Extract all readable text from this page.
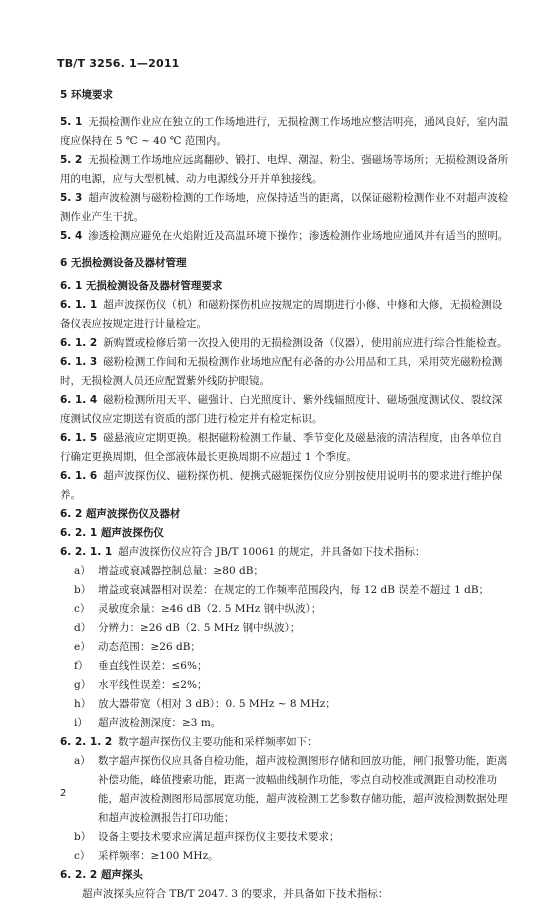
TB/T 3256. 1—2011
5 环境要求

5. 1 无损检测作业应在独立的工作场地进行，无损检测工作场地应整洁明亮，通风良好，室内温度应保持在 5 ℃ ~ 40 ℃ 范围内。

5. 2 无损检测工作场地应远离翻砂、锻打、电焊、潮湿、粉尘、强磁场等场所；无损检测设备所用的电源，应与大型机械、动力电源线分开并单独接线。

5. 3 超声波检测与磁粉检测的工作场地，应保持适当的距离，以保证磁粉检测作业不对超声波检测作业产生干扰。

5. 4 渗透检测应避免在火焰附近及高温环境下操作；渗透检测作业场地应通风并有适当的照明。

6 无损检测设备及器材管理
6. 1 无损检测设备及器材管理要求

6. 1. 1 超声波探伤仪（机）和磁粉探伤机应按规定的周期进行小修、中修和大修，无损检测设备仪表应按规定进行计量检定。

6. 1. 2 新购置或检修后第一次投入使用的无损检测设备（仪器），使用前应进行综合性能检查。

6. 1. 3 磁粉检测工作间和无损检测作业场地应配有必备的办公用品和工具，采用荧光磁粉检测时，无损检测人员还应配置紫外线防护眼镜。

6. 1. 4 磁粉检测所用天平、磁强计、白光照度计、紫外线辐照度计、磁场强度测试仪、裂纹深度测试仪应定期送有资质的部门进行检定并有检定标识。

6. 1. 5 磁悬液应定期更换。根据磁粉检测工作量、季节变化及磁悬液的清洁程度，由各单位自行确定更换周期，但全部液体最长更换周期不应超过 1 个季度。

6. 1. 6 超声波探伤仪、磁粉探伤机、便携式磁轭探伤仪应分别按使用说明书的要求进行维护保养。

6. 2 超声波探伤仪及器材
6. 2. 1 超声波探伤仪

6. 2. 1. 1 超声波探伤仪应符合 JB/T 10061 的规定，并具备如下技术指标：

a） 增益或衰减器控制总量：≥80 dB；
b） 增益或衰减器相对误差：在规定的工作频率范围段内，每 12 dB 误差不超过 1 dB；
c） 灵敏度余量：≥46 dB（2. 5 MHz 钢中纵波）；
d） 分辨力：≥26 dB（2. 5 MHz 钢中纵波）；
e） 动态范围：≥26 dB；
f） 垂直线性误差：≤6%；
g） 水平线性误差：≤2%；
h） 放大器带宽（相对 3 dB）：0. 5 MHz ~ 8 MHz；
i） 超声波检测深度：≥3 m。

6. 2. 1. 2 数字超声探伤仪主要功能和采样频率如下：

a） 数字超声探伤仪应具备自检功能，超声波检测图形存储和回放功能，闸门报警功能，距离补偿功能，峰值搜索功能，距离一波幅曲线制作功能，零点自动校准或测距自动校准功能，超声波检测图形局部展宽功能，超声波检测工艺参数存储功能，超声波检测数据处理和超声波检测报告打印功能；
b） 设备主要技术要求应满足超声探伤仪主要技术要求；
c） 采样频率：≥100 MHz。
6. 2. 2 超声探头

超声波探头应符合 TB/T 2047. 3 的要求，并具备如下技术指标：

2
